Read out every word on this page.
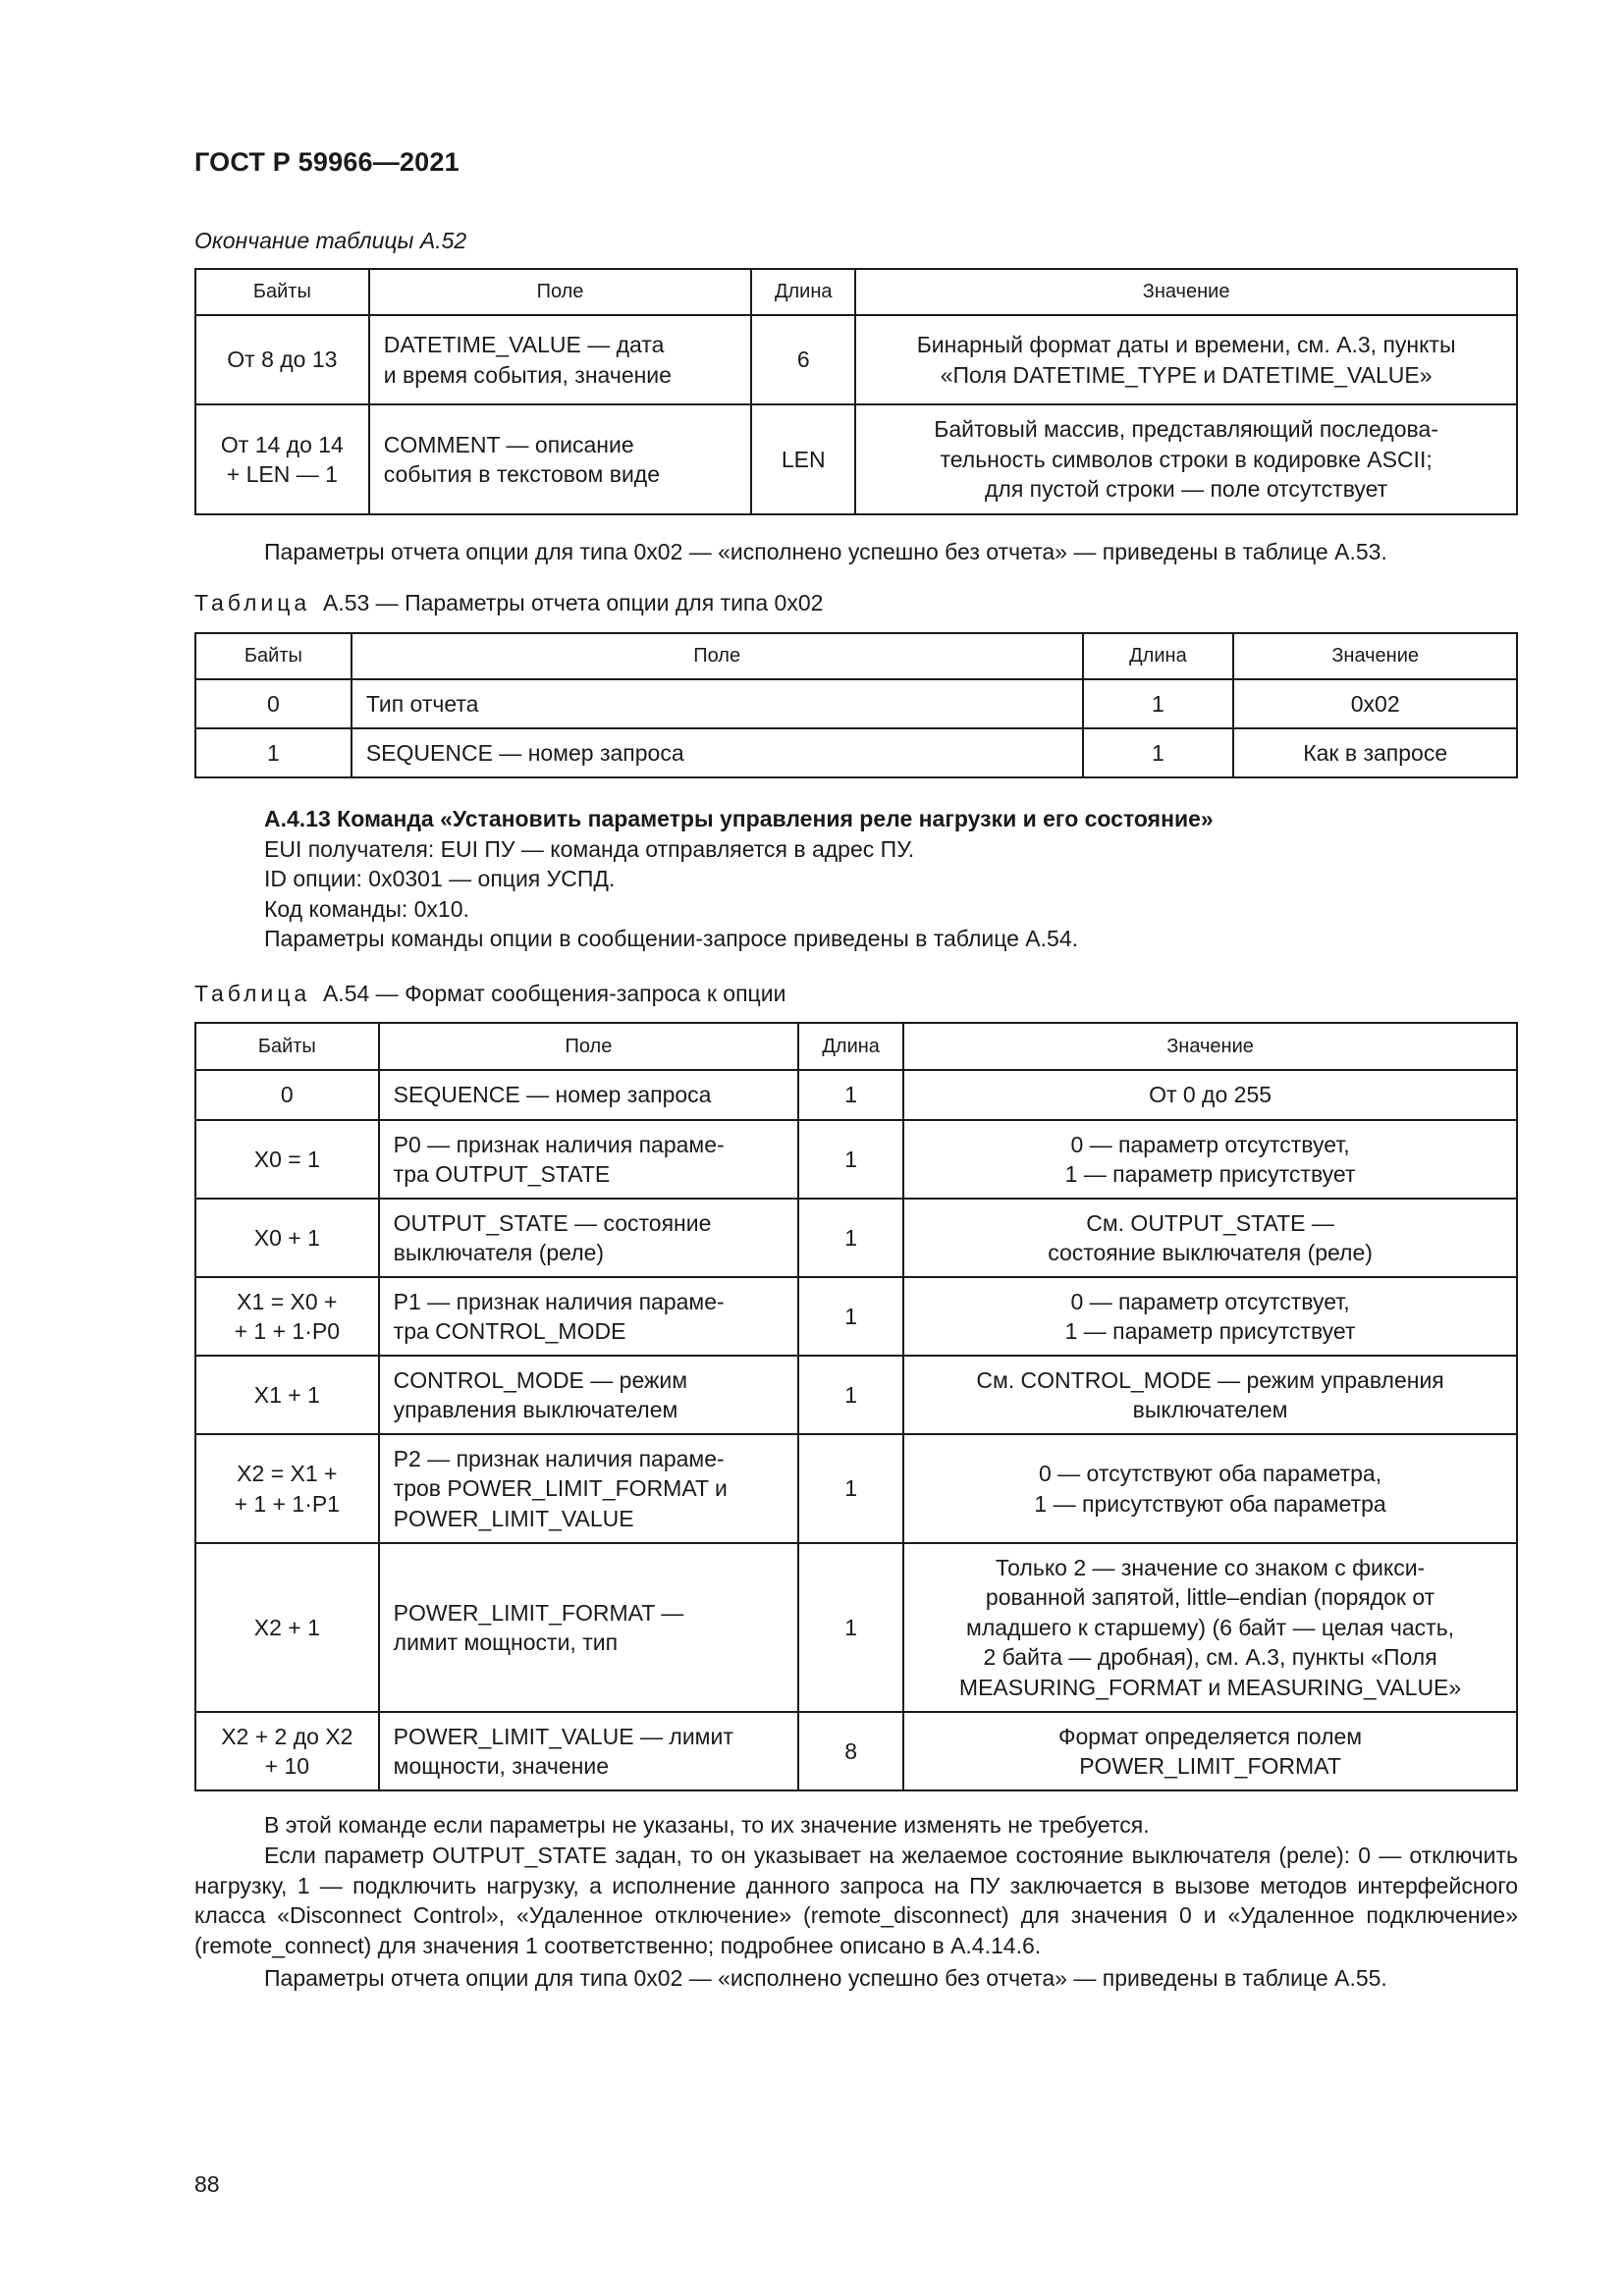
ГОСТ Р 59966—2021
Окончание таблицы А.52
Байты	Поле	Длина	Значение

От 8 до 13	DATETIME_VALUE — дата
и время события, значение	6	Бинарный формат даты и времени, см. А.3, пункты
«Поля DATETIME_TYPE и DATETIME_VALUE»

От 14 до 14
+ LEN — 1	COMMENT — описание
события в текстовом виде	LEN	Байтовый массив, представляющий последова-
тельность символов строки в кодировке ASCII;
для пустой строки — поле отсутствует
Параметры отчета опции для типа 0x02 — «исполнено успешно без отчета» — приведены в таблице А.53.
Таблица А.53 — Параметры отчета опции для типа 0x02
Байты	Поле	Длина	Значение
0	Тип отчета	1	0x02
1	SEQUENCE — номер запроса	1	Как в запросе
А.4.13 Команда «Установить параметры управления реле нагрузки и его состояние»
EUI получателя: EUI ПУ — команда отправляется в адрес ПУ.
ID опции: 0x0301 — опция УСПД.
Код команды: 0x10.
Параметры команды опции в сообщении-запросе приведены в таблице А.54.
Таблица А.54 — Формат сообщения-запроса к опции
Байты	Поле	Длина	Значение

0	SEQUENCE — номер запроса	1	От 0 до 255

X0 = 1	P0 — признак наличия параме-
тра OUTPUT_STATE	1	0 — параметр отсутствует,
1 — параметр присутствует

X0 + 1	OUTPUT_STATE — состояние
выключателя (реле)	1	См. OUTPUT_STATE —
состояние выключателя (реле)

X1 = X0 +
+ 1 + 1·P0	P1 — признак наличия параме-
тра CONTROL_MODE	1	0 — параметр отсутствует,
1 — параметр присутствует

X1 + 1	CONTROL_MODE — режим
управления выключателем	1	См. CONTROL_MODE — режим управления
выключателем

X2 = X1 +
+ 1 + 1·P1	P2 — признак наличия параме-
тров POWER_LIMIT_FORMAT и
POWER_LIMIT_VALUE	1	0 — отсутствуют оба параметра,
1 — присутствуют оба параметра

X2 + 1	POWER_LIMIT_FORMAT —
лимит мощности, тип	1	Только 2 — значение со знаком с фикси-
рованной запятой, little–endian (порядок от
младшего к старшему) (6 байт — целая часть,
2 байта — дробная), см. А.3, пункты «Поля
MEASURING_FORMAT и MEASURING_VALUE»

X2 + 2 до X2
+ 10	POWER_LIMIT_VALUE — лимит
мощности, значение	8	Формат определяется полем
POWER_LIMIT_FORMAT
В этой команде если параметры не указаны, то их значение изменять не требуется.
Если параметр OUTPUT_STATE задан, то он указывает на желаемое состояние выключателя (реле): 0 — отключить нагрузку, 1 — подключить нагрузку, а исполнение данного запроса на ПУ заключается в вызове методов интерфейсного класса «Disconnect Control», «Удаленное отключение» (remote_disconnect) для значения 0 и «Удаленное подключение» (remote_connect) для значения 1 соответственно; подробнее описано в А.4.14.6.
Параметры отчета опции для типа 0x02 — «исполнено успешно без отчета» — приведены в таблице А.55.
88
